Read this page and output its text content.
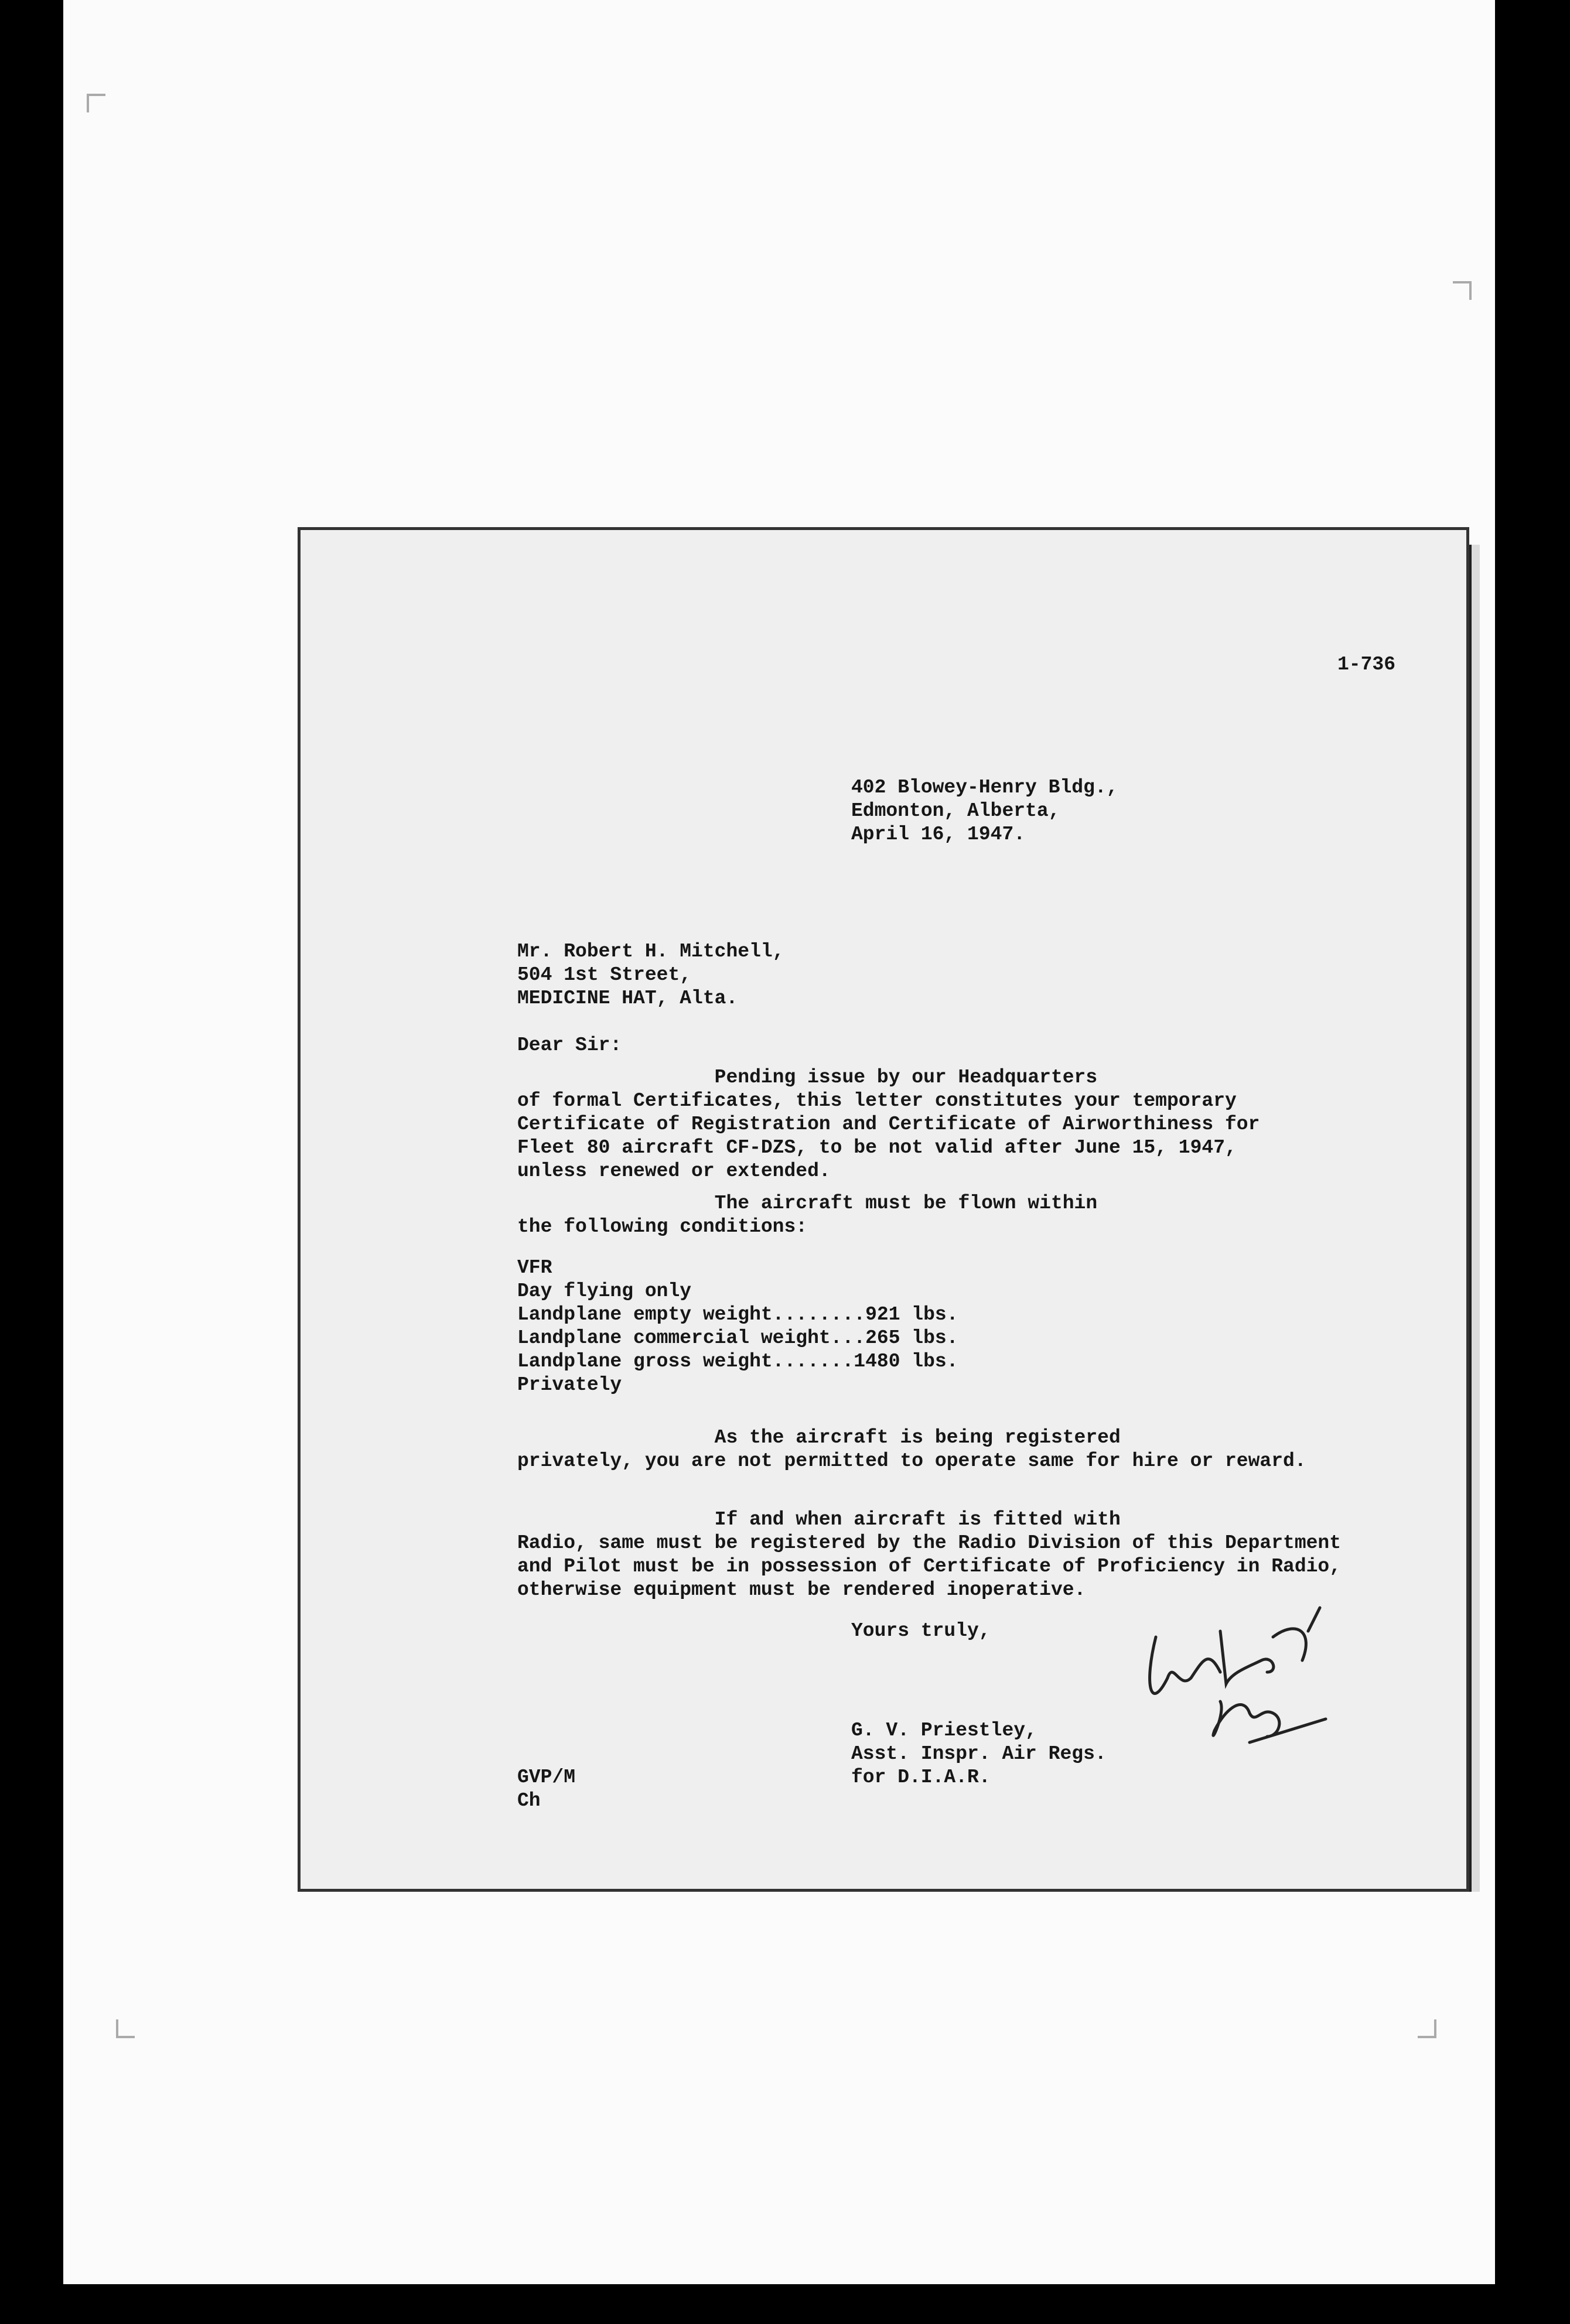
1-736
402 Blowey-Henry Bldg.,
Edmonton, Alberta,
April 16, 1947.
Mr. Robert H. Mitchell,
504 1st Street,
MEDICINE HAT, Alta.
Dear Sir:
Pending issue by our Headquarters
of formal Certificates, this letter constitutes your temporary
Certificate of Registration and Certificate of Airworthiness for
Fleet 80 aircraft CF-DZS, to be not valid after June 15, 1947,
unless renewed or extended.
The aircraft must be flown within
the following conditions:
VFR
Day flying only
Landplane empty weight........921 lbs.
Landplane commercial weight...265 lbs.
Landplane gross weight.......1480 lbs.
Privately
As the aircraft is being registered
privately, you are not permitted to operate same for hire or reward.
If and when aircraft is fitted with
Radio, same must be registered by the Radio Division of this Department
and Pilot must be in possession of Certificate of Proficiency in Radio,
otherwise equipment must be rendered inoperative.
Yours truly,
G. V. Priestley,
Asst. Inspr. Air Regs.
for D.I.A.R.
GVP/M
Ch
